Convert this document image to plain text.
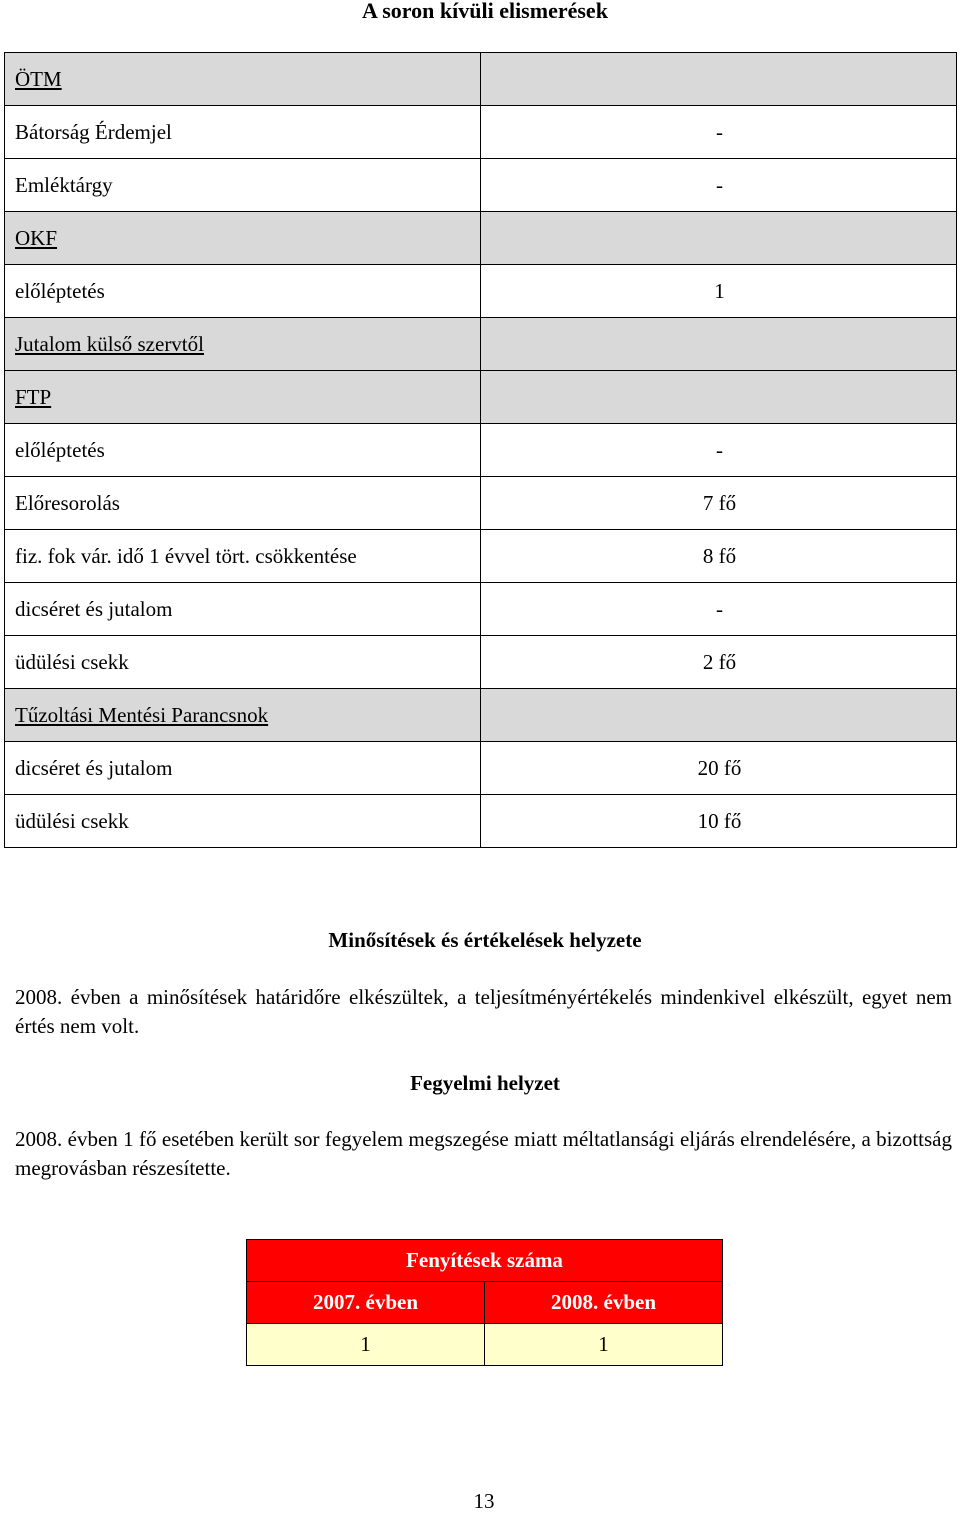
A soron kívüli elismerések
ÖTM	
Bátorság Érdemjel	-
Emléktárgy	-
OKF	
előléptetés	1
Jutalom külső szervtől	
FTP	
előléptetés	-
Előresorolás	7 fő
fiz. fok vár. idő 1 évvel tört. csökkentése	8 fő
dicséret és jutalom	-
üdülési csekk	2 fő
Tűzoltási Mentési Parancsnok	
dicséret és jutalom	20 fő
üdülési csekk	10 fő
Minősítések és értékelések helyzete
2008. évben a minősítések határidőre elkészültek, a teljesítményértékelés mindenkivel elkészült, egyet nem értés nem volt.
Fegyelmi helyzet
2008. évben 1 fő esetében került sor fegyelem megszegése miatt méltatlansági eljárás elrendelésére, a bizottság megrovásban részesítette.
Fenyítések száma	
2007. évben	2008. évben
1	1
13
